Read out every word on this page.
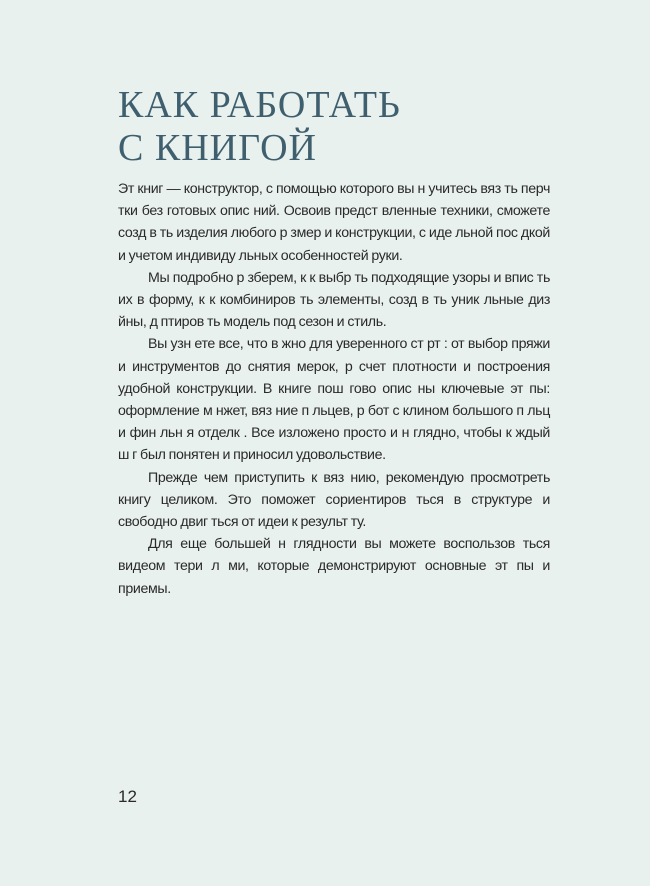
КАК РАБОТАТЬ
С КНИГОЙ

Эт книг — конструктор, с помощью которого вы н учитесь вяз ть перч тки без готовых опис ний. Освоив предст вленные техники, сможете созд в ть изделия любого р змер и конструкции, с иде льной пос дкой и учетом индивиду льных особенностей руки.

Мы подробно р зберем, к к выбр ть подходящие узоры и впис ть их в форму, к к комбиниров ть элементы, созд в ть уник льные диз йны, д птиров ть модель под сезон и стиль.

Вы узн ете все, что в жно для уверенного ст рт : от выбор пряжи и инструментов до снятия мерок, р счет плотности и построения удобной конструкции. В книге пош гово опис ны ключевые эт пы: оформление м нжет, вяз ние п льцев, р бот с клином большого п льц и фин льн я отделк . Все изложено просто и н глядно, чтобы к ждый ш г был понятен и приносил удовольствие.

Прежде чем приступить к вяз нию, рекомендую просмотреть книгу целиком. Это поможет сориентиров ться в структуре и свободно двиг ться от идеи к результ ту.

Для еще большей н глядности вы можете воспользов ться видеом тери л ми, которые демонстрируют основные эт пы и приемы.

12
